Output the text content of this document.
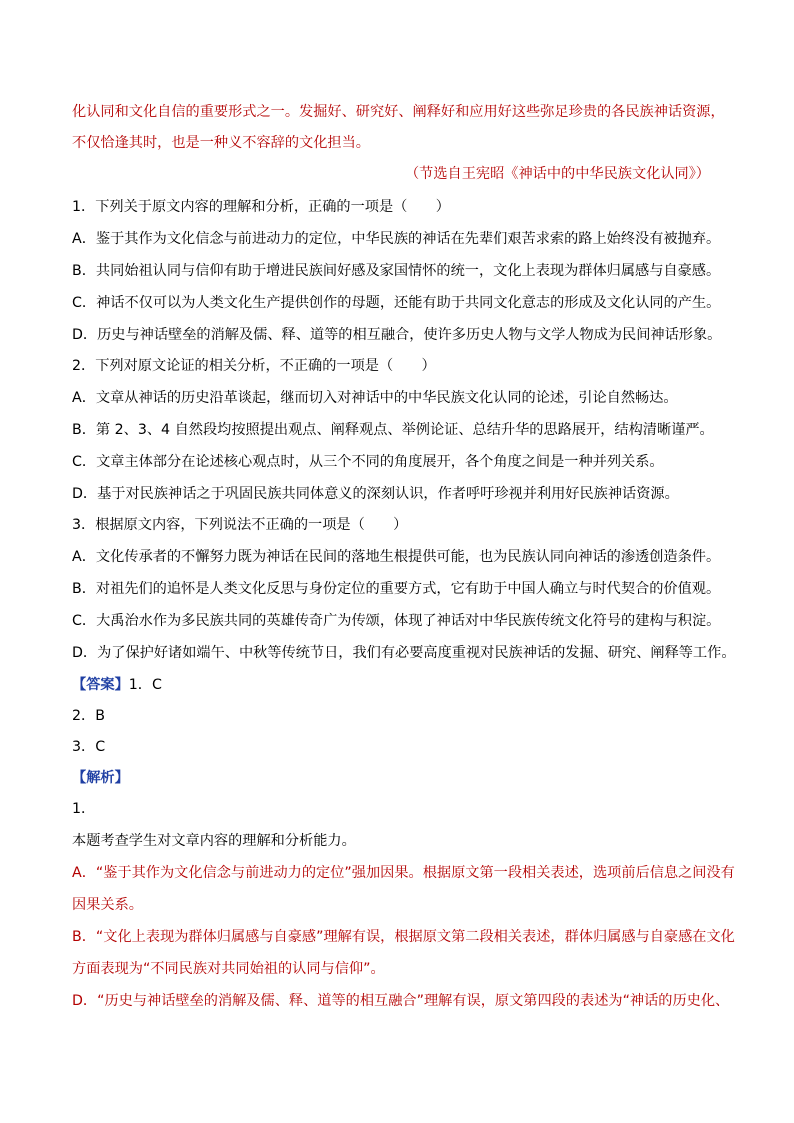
化认同和文化自信的重要形式之一。发掘好、研究好、阐释好和应用好这些弥足珍贵的各民族神话资源，
不仅恰逢其时，也是一种义不容辞的文化担当。
（节选自王宪昭《神话中的中华民族文化认同》）
1．下列关于原文内容的理解和分析，正确的一项是（　　）
A．鉴于其作为文化信念与前进动力的定位，中华民族的神话在先辈们艰苦求索的路上始终没有被抛弃。
B．共同始祖认同与信仰有助于增进民族间好感及家国情怀的统一，文化上表现为群体归属感与自豪感。
C．神话不仅可以为人类文化生产提供创作的母题，还能有助于共同文化意志的形成及文化认同的产生。
D．历史与神话壁垒的消解及儒、释、道等的相互融合，使许多历史人物与文学人物成为民间神话形象。
2．下列对原文论证的相关分析，不正确的一项是（　　）
A．文章从神话的历史沿革谈起，继而切入对神话中的中华民族文化认同的论述，引论自然畅达。
B．第 2、3、4 自然段均按照提出观点、阐释观点、举例论证、总结升华的思路展开，结构清晰谨严。
C．文章主体部分在论述核心观点时，从三个不同的角度展开，各个角度之间是一种并列关系。
D．基于对民族神话之于巩固民族共同体意义的深刻认识，作者呼吁珍视并利用好民族神话资源。
3．根据原文内容，下列说法不正确的一项是（　　）
A．文化传承者的不懈努力既为神话在民间的落地生根提供可能，也为民族认同向神话的渗透创造条件。
B．对祖先们的追怀是人类文化反思与身份定位的重要方式，它有助于中国人确立与时代契合的价值观。
C．大禹治水作为多民族共同的英雄传奇广为传颂，体现了神话对中华民族传统文化符号的建构与积淀。
D．为了保护好诸如端午、中秋等传统节日，我们有必要高度重视对民族神话的发掘、研究、阐释等工作。
【答案】1．C
2．B
3．C
【解析】
1．
本题考查学生对文章内容的理解和分析能力。
A．“鉴于其作为文化信念与前进动力的定位”强加因果。根据原文第一段相关表述，选项前后信息之间没有
因果关系。
B．“文化上表现为群体归属感与自豪感”理解有误，根据原文第二段相关表述，群体归属感与自豪感在文化
方面表现为“不同民族对共同始祖的认同与信仰”。
D．“历史与神话壁垒的消解及儒、释、道等的相互融合”理解有误，原文第四段的表述为“神话的历史化、
